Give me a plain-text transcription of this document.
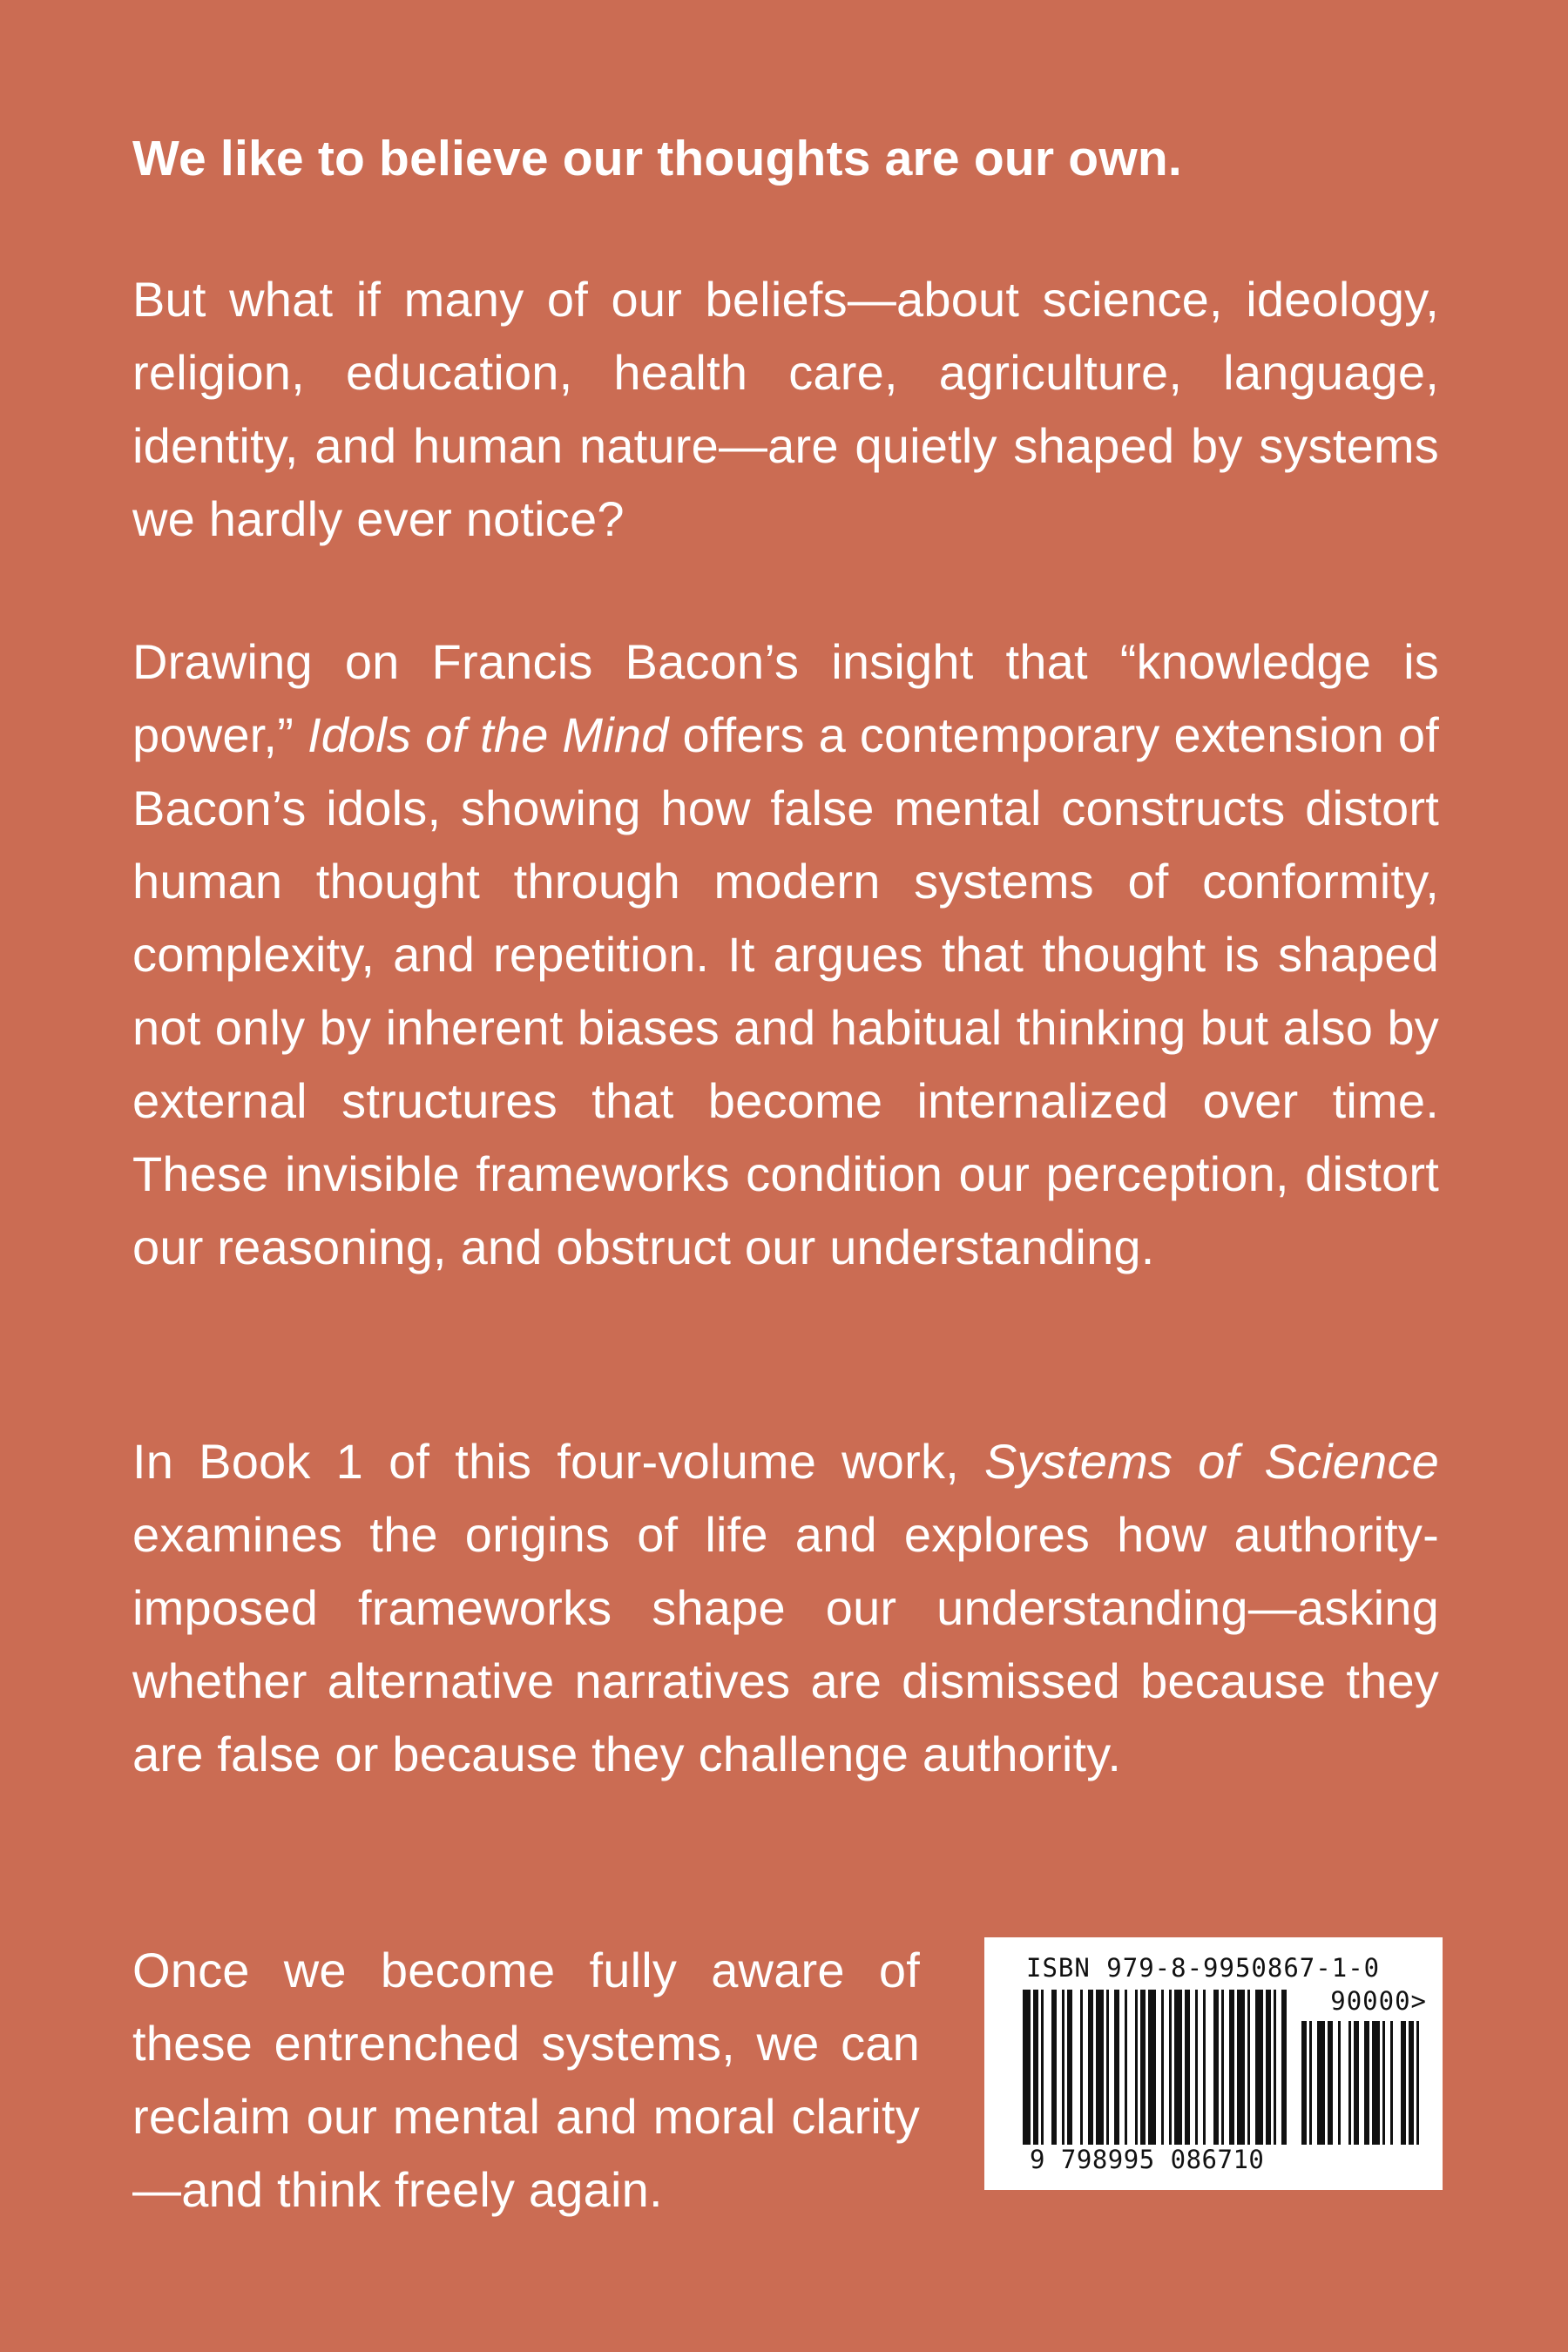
We like to believe our thoughts are our own.

But what if many of our beliefs—about science, ideology, religion, education, health care, agriculture, language, identity, and human nature—are quietly shaped by systems we hardly ever notice?

Drawing on Francis Bacon’s insight that “knowledge is power,” Idols of the Mind offers a contemporary extension of Bacon’s idols, showing how false mental constructs distort human thought through modern systems of conformity, complexity, and repetition. It argues that thought is shaped not only by inherent biases and habitual thinking but also by external structures that become internalized over time. These invisible frameworks condition our perception, distort our reasoning, and obstruct our understanding.

In Book 1 of this four-volume work, Systems of Science examines the origins of life and explores how authority-imposed frameworks shape our understanding—asking whether alternative narratives are dismissed because they are false or because they challenge authority.

Once we become fully aware of these entrenched systems, we can reclaim our mental and moral clarity—and think freely again.

ISBN 979-8-9950867-1-0
90000>
9 798995 086710
